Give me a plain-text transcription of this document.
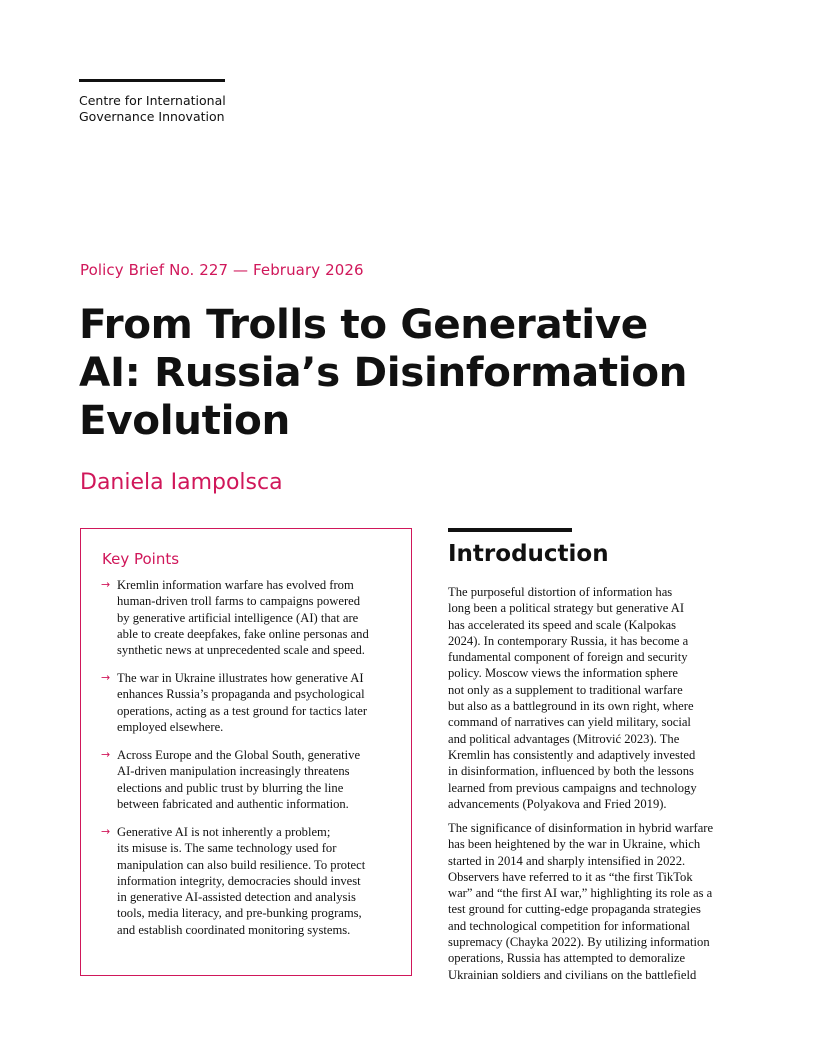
Centre for International
Governance Innovation
Policy Brief No. 227 — February 2026
From Trolls to Generative
AI: Russia’s Disinformation
Evolution
Daniela Iampolsca
Key Points
→ Kremlin information warfare has evolved from
human-driven troll farms to campaigns powered
by generative artificial intelligence (AI) that are
able to create deepfakes, fake online personas and
synthetic news at unprecedented scale and speed.
→ The war in Ukraine illustrates how generative AI
enhances Russia’s propaganda and psychological
operations, acting as a test ground for tactics later
employed elsewhere.
→ Across Europe and the Global South, generative
AI-driven manipulation increasingly threatens
elections and public trust by blurring the line
between fabricated and authentic information.
→ Generative AI is not inherently a problem;
its misuse is. The same technology used for
manipulation can also build resilience. To protect
information integrity, democracies should invest
in generative AI-assisted detection and analysis
tools, media literacy, and pre-bunking programs,
and establish coordinated monitoring systems.
Introduction
The purposeful distortion of information has
long been a political strategy but generative AI
has accelerated its speed and scale (Kalpokas
2024). In contemporary Russia, it has become a
fundamental component of foreign and security
policy. Moscow views the information sphere
not only as a supplement to traditional warfare
but also as a battleground in its own right, where
command of narratives can yield military, social
and political advantages (Mitrović 2023). The
Kremlin has consistently and adaptively invested
in disinformation, influenced by both the lessons
learned from previous campaigns and technology
advancements (Polyakova and Fried 2019).
The significance of disinformation in hybrid warfare
has been heightened by the war in Ukraine, which
started in 2014 and sharply intensified in 2022.
Observers have referred to it as “the first TikTok
war” and “the first AI war,” highlighting its role as a
test ground for cutting-edge propaganda strategies
and technological competition for informational
supremacy (Chayka 2022). By utilizing information
operations, Russia has attempted to demoralize
Ukrainian soldiers and civilians on the battlefield
